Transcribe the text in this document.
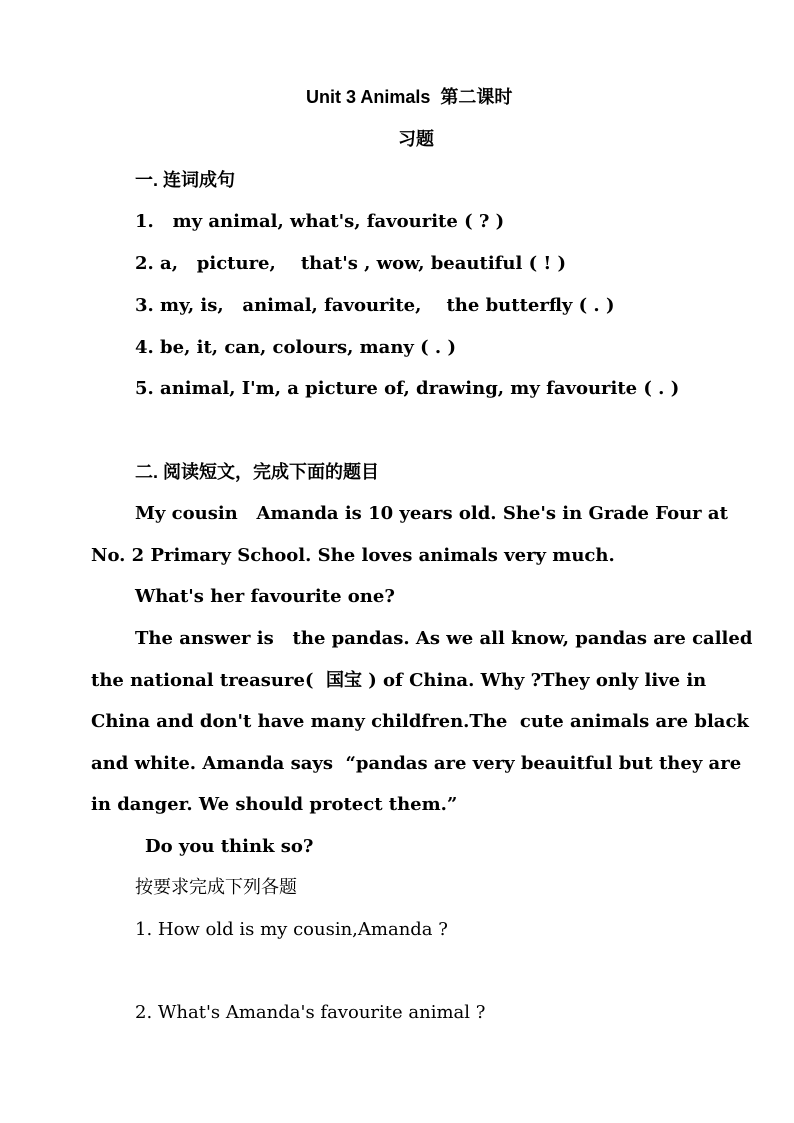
Unit 3 Animals  第二课时
习题
一. 连词成句
1.   my animal, what's, favourite ( ? )
2. a,   picture,    that's , wow, beautiful ( ! )
3. my, is,   animal, favourite,    the butterfly ( . )
4. be, it, can, colours, many ( . )
5. animal, I'm, a picture of, drawing, my favourite ( . )
二. 阅读短文，完成下面的题目
My cousin   Amanda is 10 years old. She's in Grade Four at
No. 2 Primary School. She loves animals very much.
What's her favourite one?
The answer is   the pandas. As we all know, pandas are called
the national treasure(  国宝 ) of China. Why ?They only live in
China and don't have many childfren.The  cute animals are black
and white. Amanda says  “pandas are very beauitful but they are
in danger. We should protect them.”
Do you think so?
按要求完成下列各题
1. How old is my cousin,Amanda ?
2. What's Amanda's favourite animal ?
